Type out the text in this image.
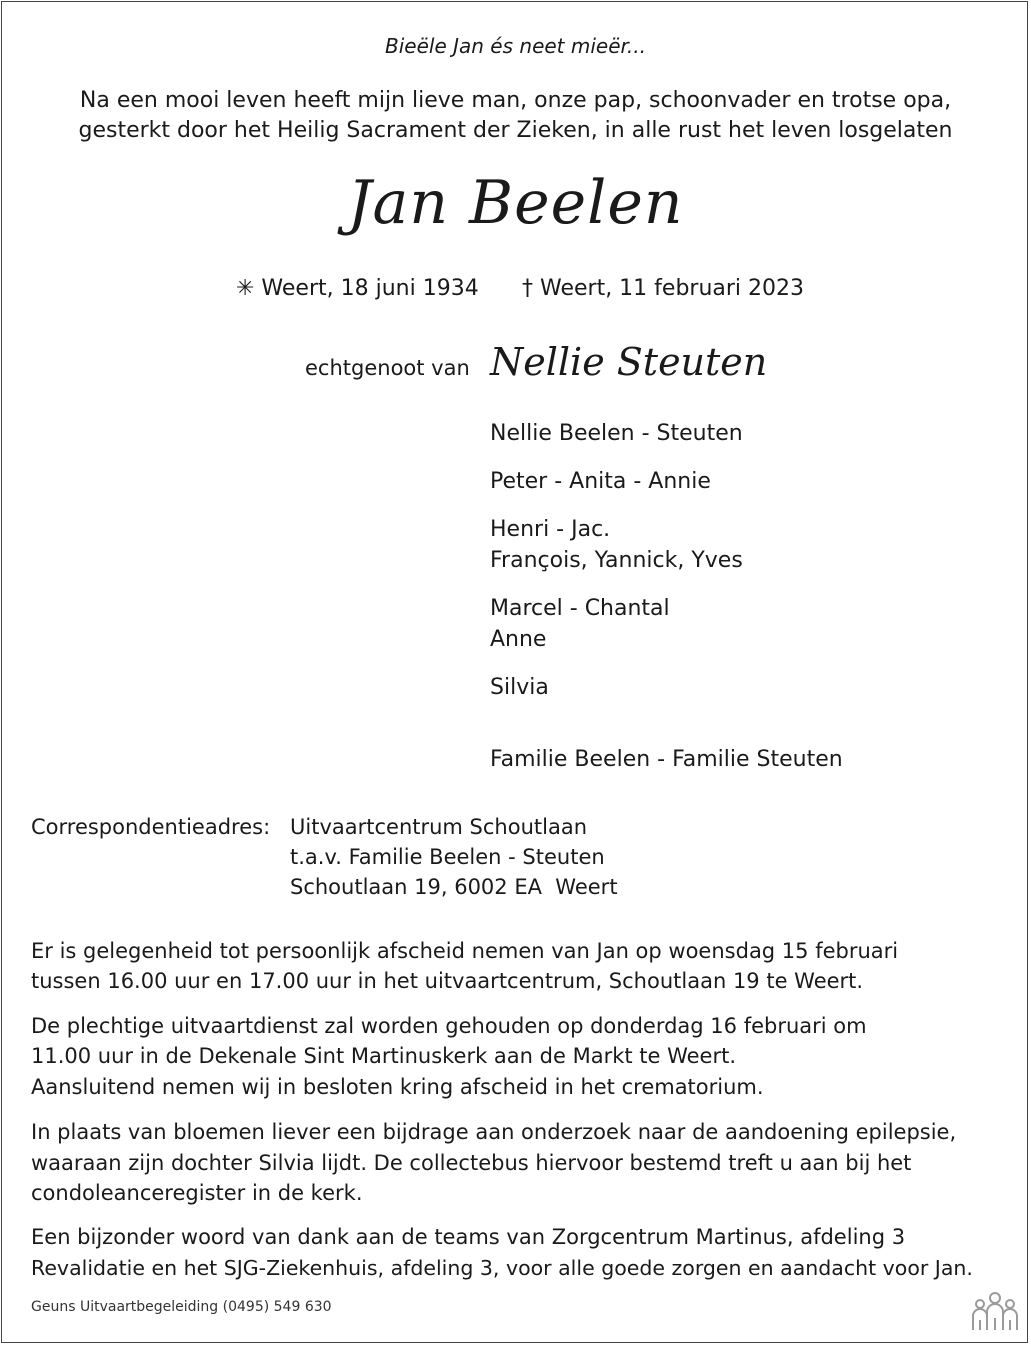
Bieële Jan és neet mieër...
Na een mooi leven heeft mijn lieve man, onze pap, schoonvader en trotse opa,
gesterkt door het Heilig Sacrament der Zieken, in alle rust het leven losgelaten
Jan Beelen
✳ Weert, 18 juni 1934 † Weert, 11 februari 2023
echtgenoot van Nellie Steuten
Nellie Beelen - Steuten
Peter - Anita - Annie
Henri - Jac.
François, Yannick, Yves
Marcel - Chantal
Anne
Silvia
Familie Beelen - Familie Steuten
Correspondentieadres: Uitvaartcentrum Schoutlaan
t.a.v. Familie Beelen - Steuten
Schoutlaan 19, 6002 EA  Weert
Er is gelegenheid tot persoonlijk afscheid nemen van Jan op woensdag 15 februari
tussen 16.00 uur en 17.00 uur in het uitvaartcentrum, Schoutlaan 19 te Weert.
De plechtige uitvaartdienst zal worden gehouden op donderdag 16 februari om
11.00 uur in de Dekenale Sint Martinuskerk aan de Markt te Weert.
Aansluitend nemen wij in besloten kring afscheid in het crematorium.
In plaats van bloemen liever een bijdrage aan onderzoek naar de aandoening epilepsie,
waaraan zijn dochter Silvia lijdt. De collectebus hiervoor bestemd treft u aan bij het
condoleanceregister in de kerk.
Een bijzonder woord van dank aan de teams van Zorgcentrum Martinus, afdeling 3
Revalidatie en het SJG-Ziekenhuis, afdeling 3, voor alle goede zorgen en aandacht voor Jan.
Geuns Uitvaartbegeleiding (0495) 549 630
